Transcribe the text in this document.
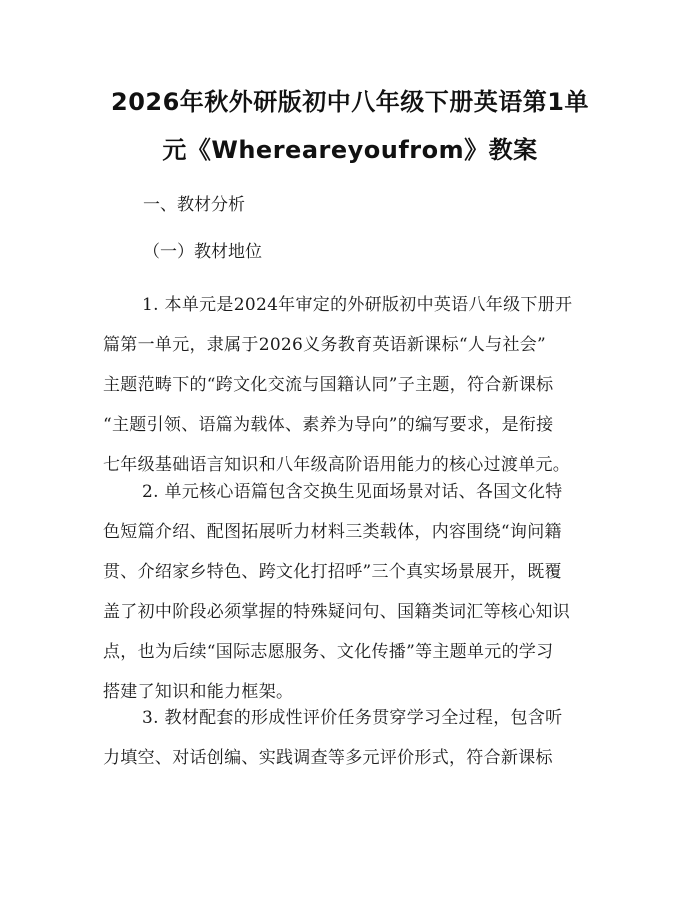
2026年秋外研版初中八年级下册英语第1单
元《Whereareyoufrom》教案
一、教材分析
（一）教材地位
1. 本单元是2024年审定的外研版初中英语八年级下册开
篇第一单元，隶属于2026义务教育英语新课标“人与社会”
主题范畴下的“跨文化交流与国籍认同”子主题，符合新课标
“主题引领、语篇为载体、素养为导向”的编写要求，是衔接
七年级基础语言知识和八年级高阶语用能力的核心过渡单元。
2. 单元核心语篇包含交换生见面场景对话、各国文化特
色短篇介绍、配图拓展听力材料三类载体，内容围绕“询问籍
贯、介绍家乡特色、跨文化打招呼”三个真实场景展开，既覆
盖了初中阶段必须掌握的特殊疑问句、国籍类词汇等核心知识
点，也为后续“国际志愿服务、文化传播”等主题单元的学习
搭建了知识和能力框架。
3. 教材配套的形成性评价任务贯穿学习全过程，包含听
力填空、对话创编、实践调查等多元评价形式，符合新课标
